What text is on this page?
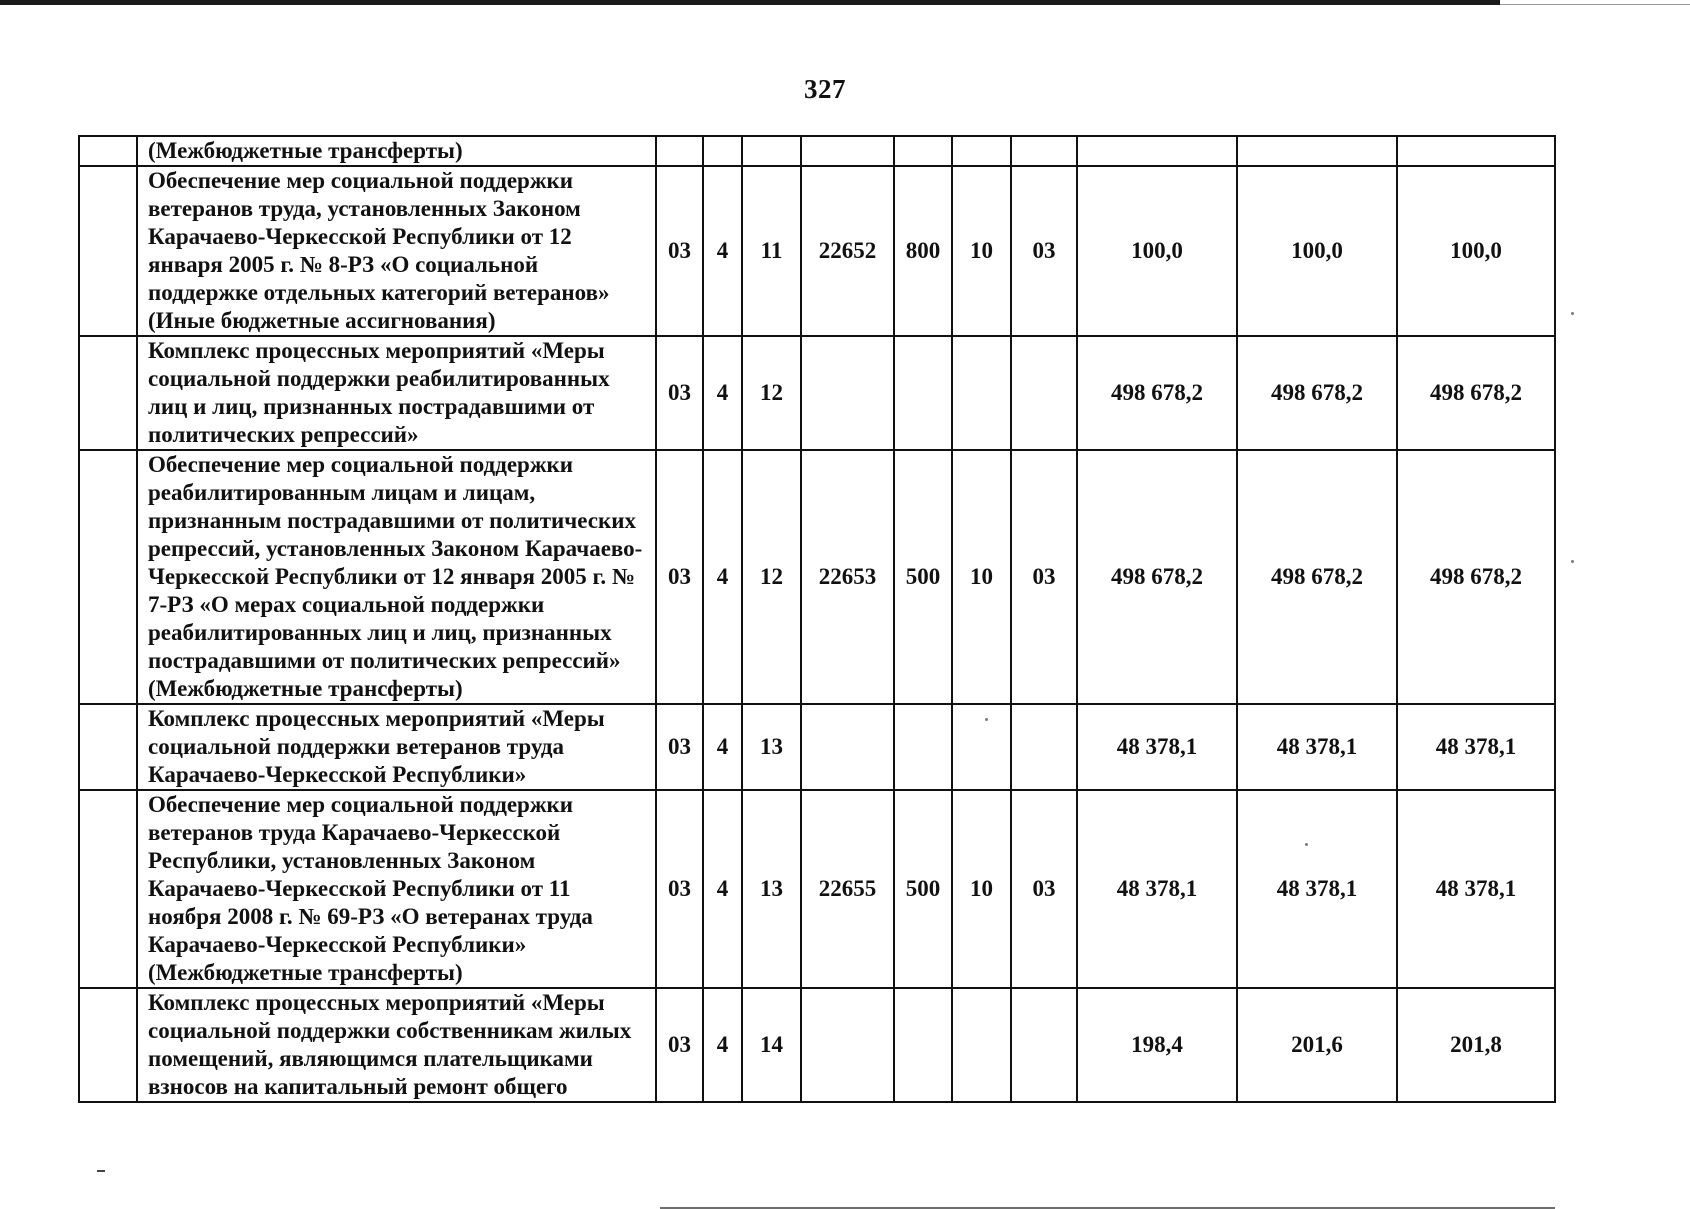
327
	(Межбюджетные трансферты)										
	Обеспечение мер социальной поддержки ветеранов труда, установленных Законом Карачаево-Черкесской Республики от 12 января 2005 г. № 8-РЗ «О социальной поддержке отдельных категорий ветеранов» (Иные бюджетные ассигнования)	03	4	11	22652	800	10	03	100,0	100,0	100,0
	Комплекс процессных мероприятий «Меры социальной поддержки реабилитированных лиц и лиц, признанных пострадавшими от политических репрессий»	03	4	12					498 678,2	498 678,2	498 678,2
	Обеспечение мер социальной поддержки реабилитированным лицам и лицам, признанным пострадавшими от политических репрессий, установленных Законом Карачаево-Черкесской Республики от 12 января 2005 г. № 7-РЗ «О мерах социальной поддержки реабилитированных лиц и лиц, признанных пострадавшими от политических репрессий» (Межбюджетные трансферты)	03	4	12	22653	500	10	03	498 678,2	498 678,2	498 678,2
	Комплекс процессных мероприятий «Меры социальной поддержки ветеранов труда Карачаево-Черкесской Республики»	03	4	13					48 378,1	48 378,1	48 378,1
	Обеспечение мер социальной поддержки ветеранов труда Карачаево-Черкесской Республики, установленных Законом Карачаево-Черкесской Республики от 11 ноября 2008 г. № 69-РЗ «О ветеранах труда Карачаево-Черкесской Республики» (Межбюджетные трансферты)	03	4	13	22655	500	10	03	48 378,1	48 378,1	48 378,1
	Комплекс процессных мероприятий «Меры социальной поддержки собственникам жилых помещений, являющимся плательщиками взносов на капитальный ремонт общего	03	4	14					198,4	201,6	201,8
